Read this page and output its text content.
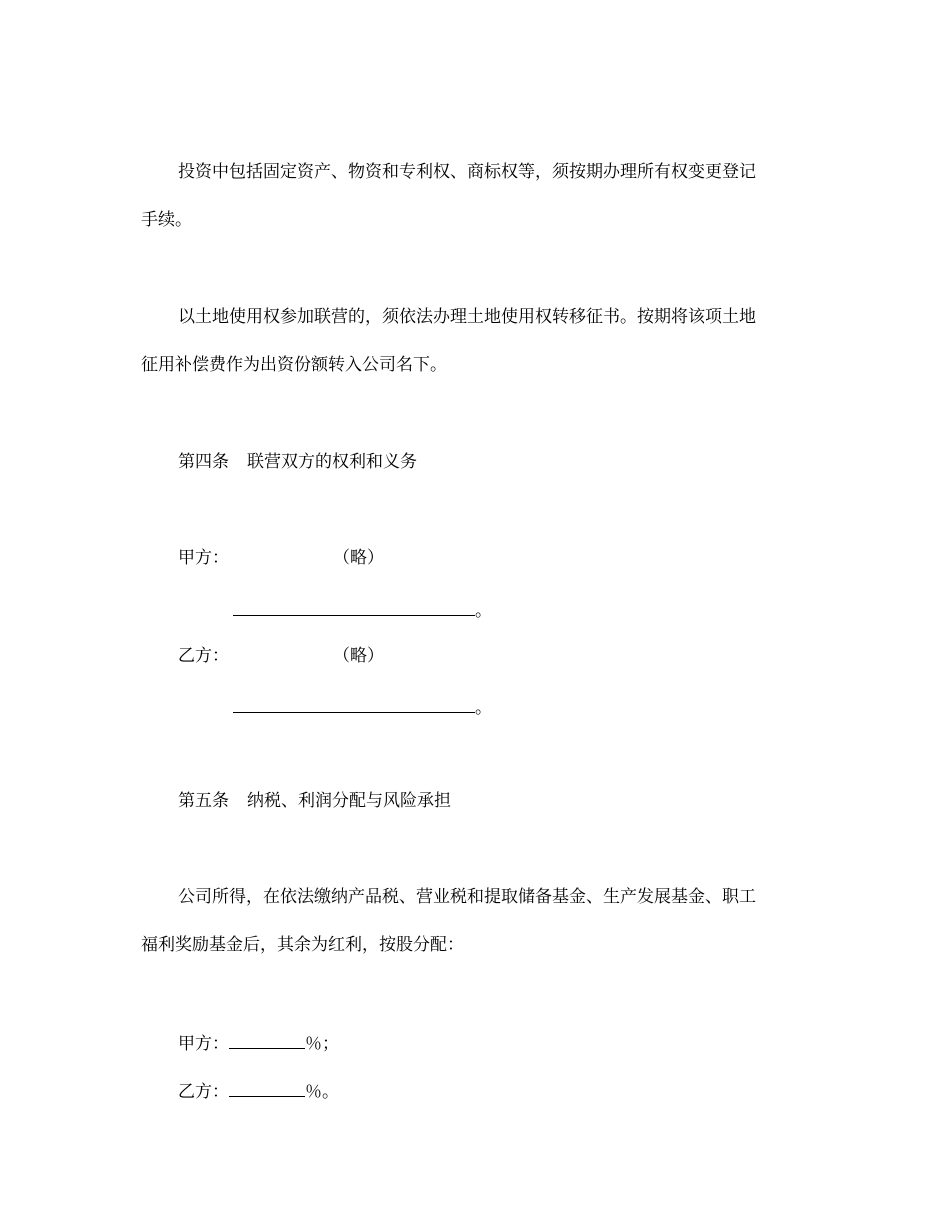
投资中包括固定资产、物资和专利权、商标权等，须按期办理所有权变更登记
手续。
以土地使用权参加联营的，须依法办理土地使用权转移征书。按期将该项土地
征用补偿费作为出资份额转入公司名下。
第四条 联营双方的权利和义务
甲方：	（略）
。
乙方：	（略）
。
第五条 纳税、利润分配与风险承担
公司所得，在依法缴纳产品税、营业税和提取储备基金、生产发展基金、职工
福利奖励基金后，其余为红利，按股分配：
甲方：	％；
乙方：	％。
